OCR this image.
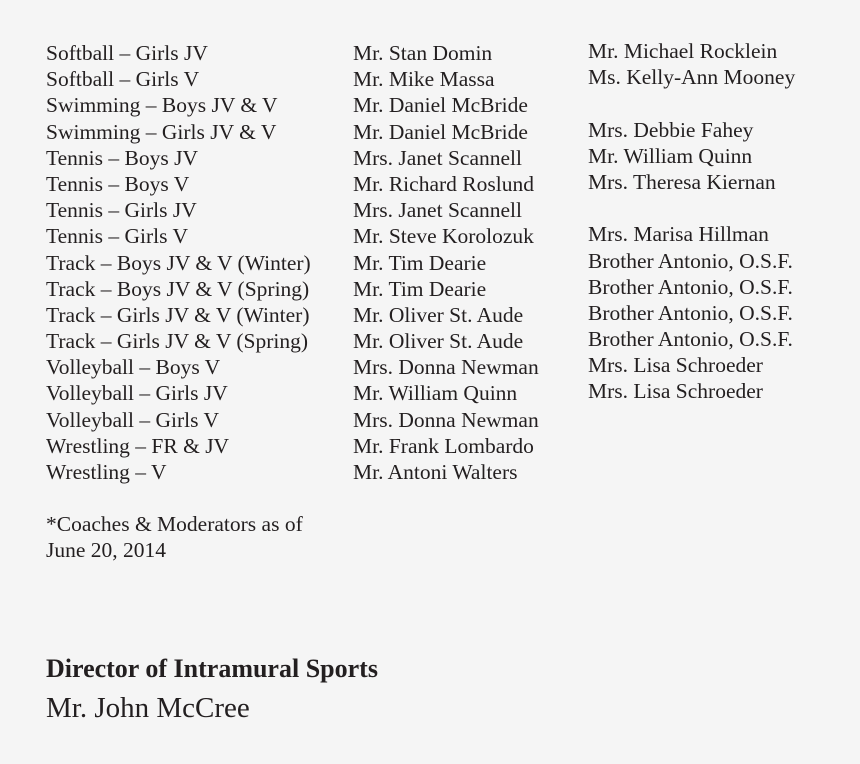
Softball – Girls JV
Softball – Girls V
Swimming – Boys JV & V
Swimming – Girls JV & V
Tennis – Boys JV
Tennis – Boys V
Tennis – Girls JV
Tennis – Girls V
Track – Boys JV & V (Winter)
Track – Boys JV & V (Spring)
Track – Girls JV & V (Winter)
Track – Girls JV & V (Spring)
Volleyball – Boys V
Volleyball – Girls JV
Volleyball – Girls V
Wrestling – FR & JV
Wrestling – V
Mr. Stan Domin
Mr. Mike Massa
Mr. Daniel McBride
Mr. Daniel McBride
Mrs. Janet Scannell
Mr. Richard Roslund
Mrs. Janet Scannell
Mr. Steve Korolozuk
Mr. Tim Dearie
Mr. Tim Dearie
Mr. Oliver St. Aude
Mr. Oliver St. Aude
Mrs. Donna Newman
Mr. William Quinn
Mrs. Donna Newman
Mr. Frank Lombardo
Mr. Antoni Walters
Mr. Michael Rocklein
Ms. Kelly-Ann Mooney
Mrs. Debbie Fahey
Mr. William Quinn
Mrs. Theresa Kiernan
Mrs. Marisa Hillman
Brother Antonio, O.S.F.
Brother Antonio, O.S.F.
Brother Antonio, O.S.F.
Brother Antonio, O.S.F.
Mrs. Lisa Schroeder
Mrs. Lisa Schroeder
*Coaches & Moderators as of
June 20, 2014
Director of Intramural Sports
Mr. John McCree
